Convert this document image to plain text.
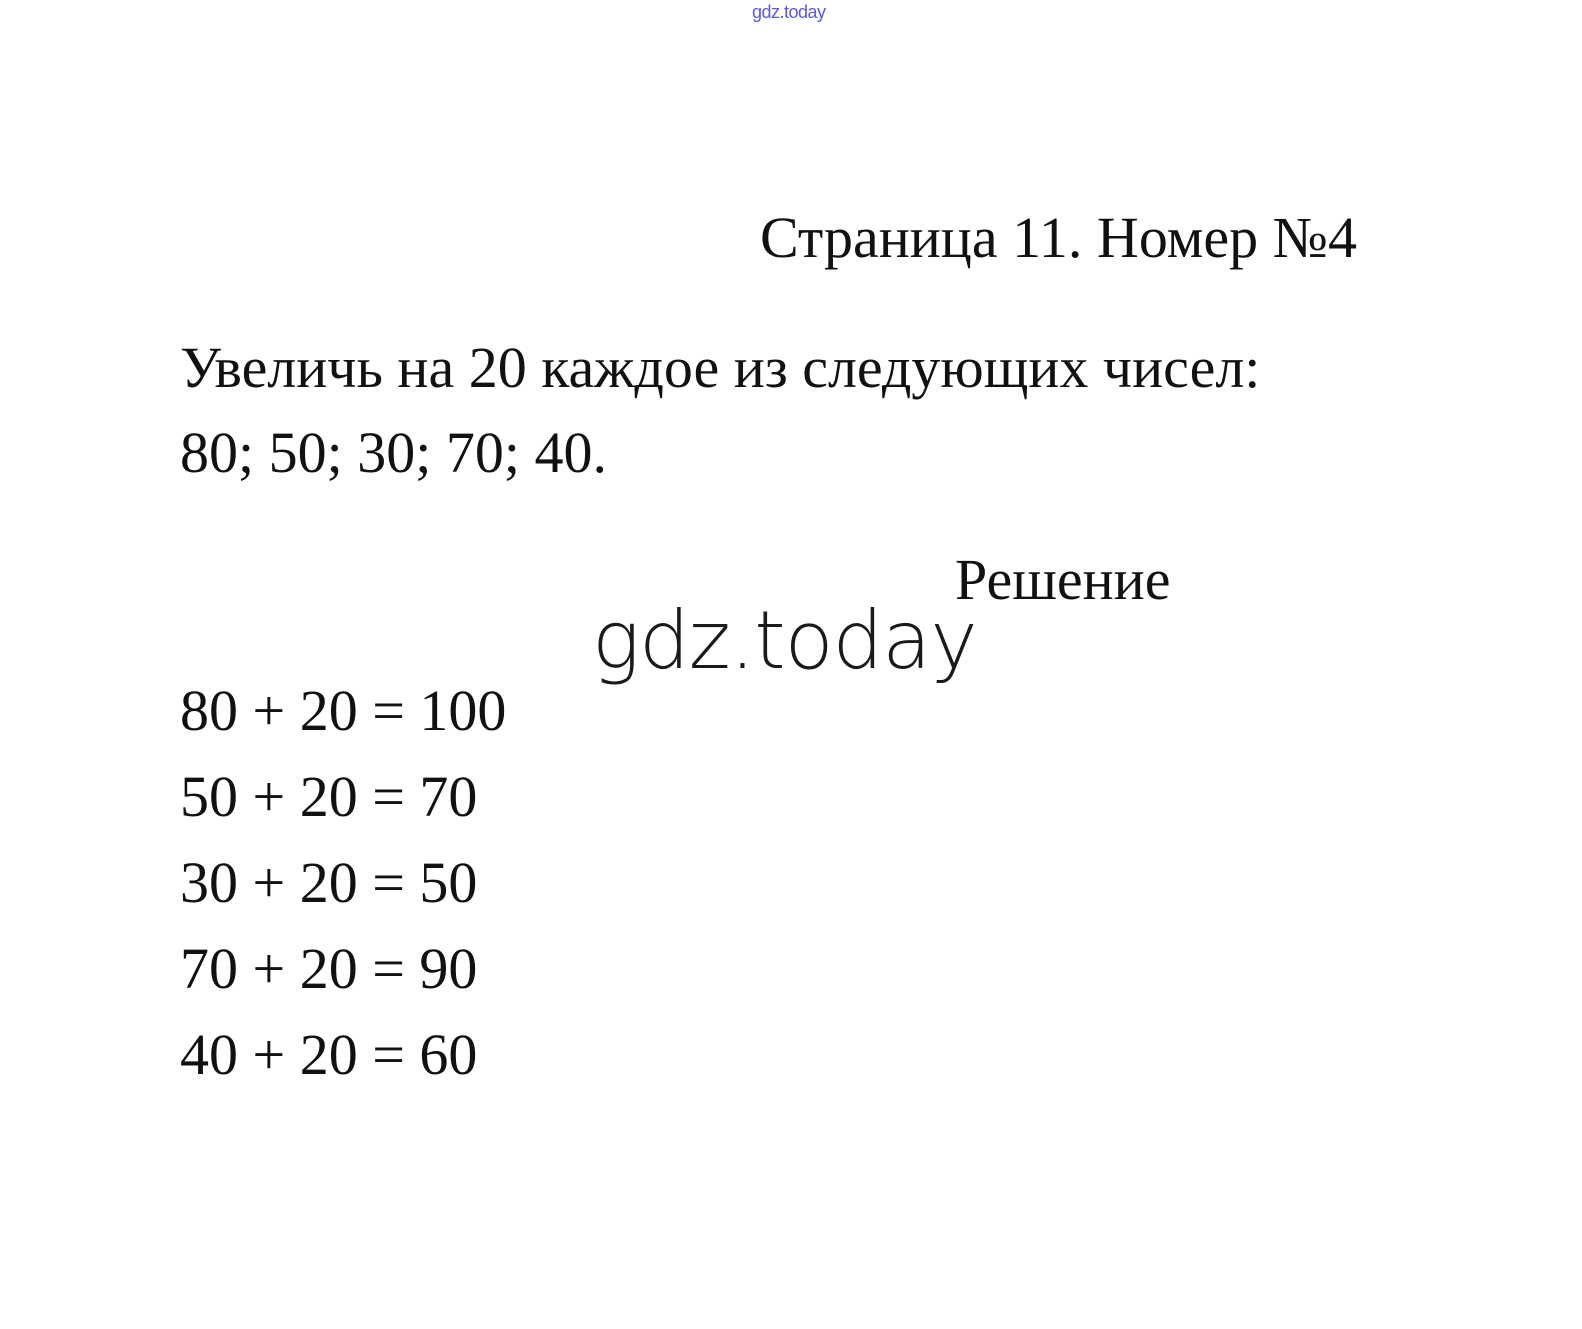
gdz.today
Страница 11. Номер №4
Увеличь на 20 каждое из следующих чисел:
80; 50; 30; 70; 40.
Решение
gdz.today
80 + 20 = 100
50 + 20 = 70
30 + 20 = 50
70 + 20 = 90
40 + 20 = 60
